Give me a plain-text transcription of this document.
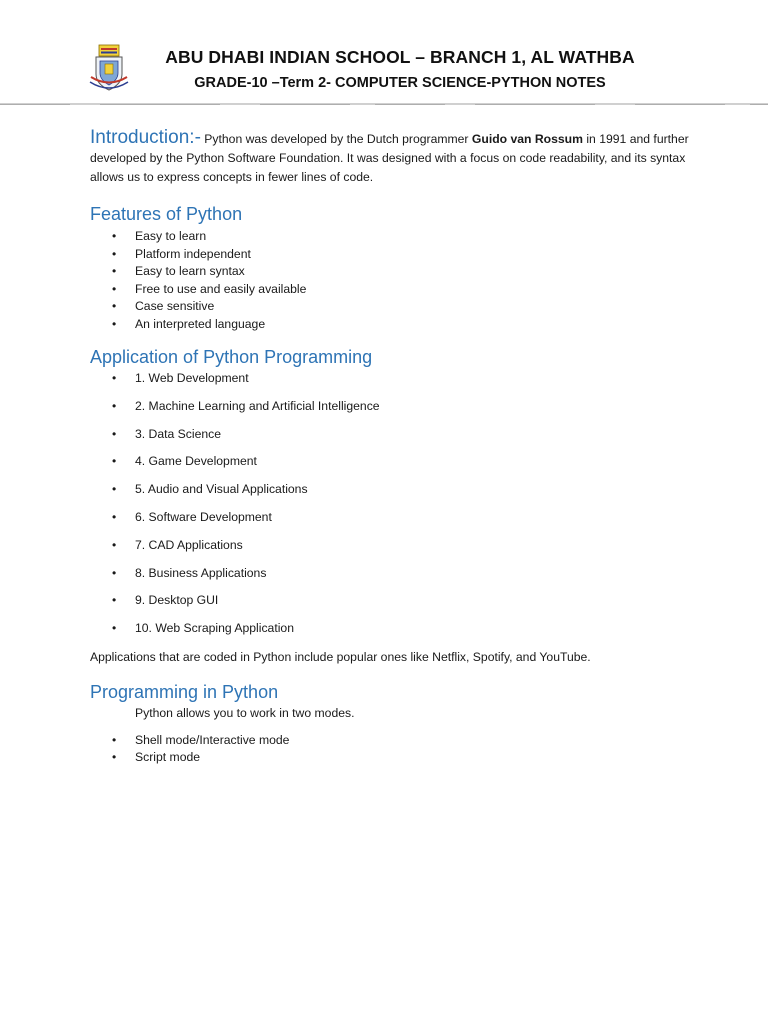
ABU DHABI INDIAN SCHOOL – BRANCH 1, AL WATHBA
GRADE-10 –Term 2- COMPUTER SCIENCE-PYTHON NOTES

Introduction:- Python was developed by the Dutch programmer Guido van Rossum in 1991 and further developed by the Python Software Foundation. It was designed with a focus on code readability, and its syntax allows us to express concepts in fewer lines of code.

Features of Python
• Easy to learn
• Platform independent
• Easy to learn syntax
• Free to use and easily available
• Case sensitive
• An interpreted language
Application of Python Programming
• 1. Web Development
• 2. Machine Learning and Artificial Intelligence
• 3. Data Science
• 4. Game Development
• 5. Audio and Visual Applications
• 6. Software Development
• 7. CAD Applications
• 8. Business Applications
• 9. Desktop GUI
• 10. Web Scraping Application

Applications that are coded in Python include popular ones like Netflix, Spotify, and YouTube.

Programming in Python

Python allows you to work in two modes.

• Shell mode/Interactive mode
• Script mode
